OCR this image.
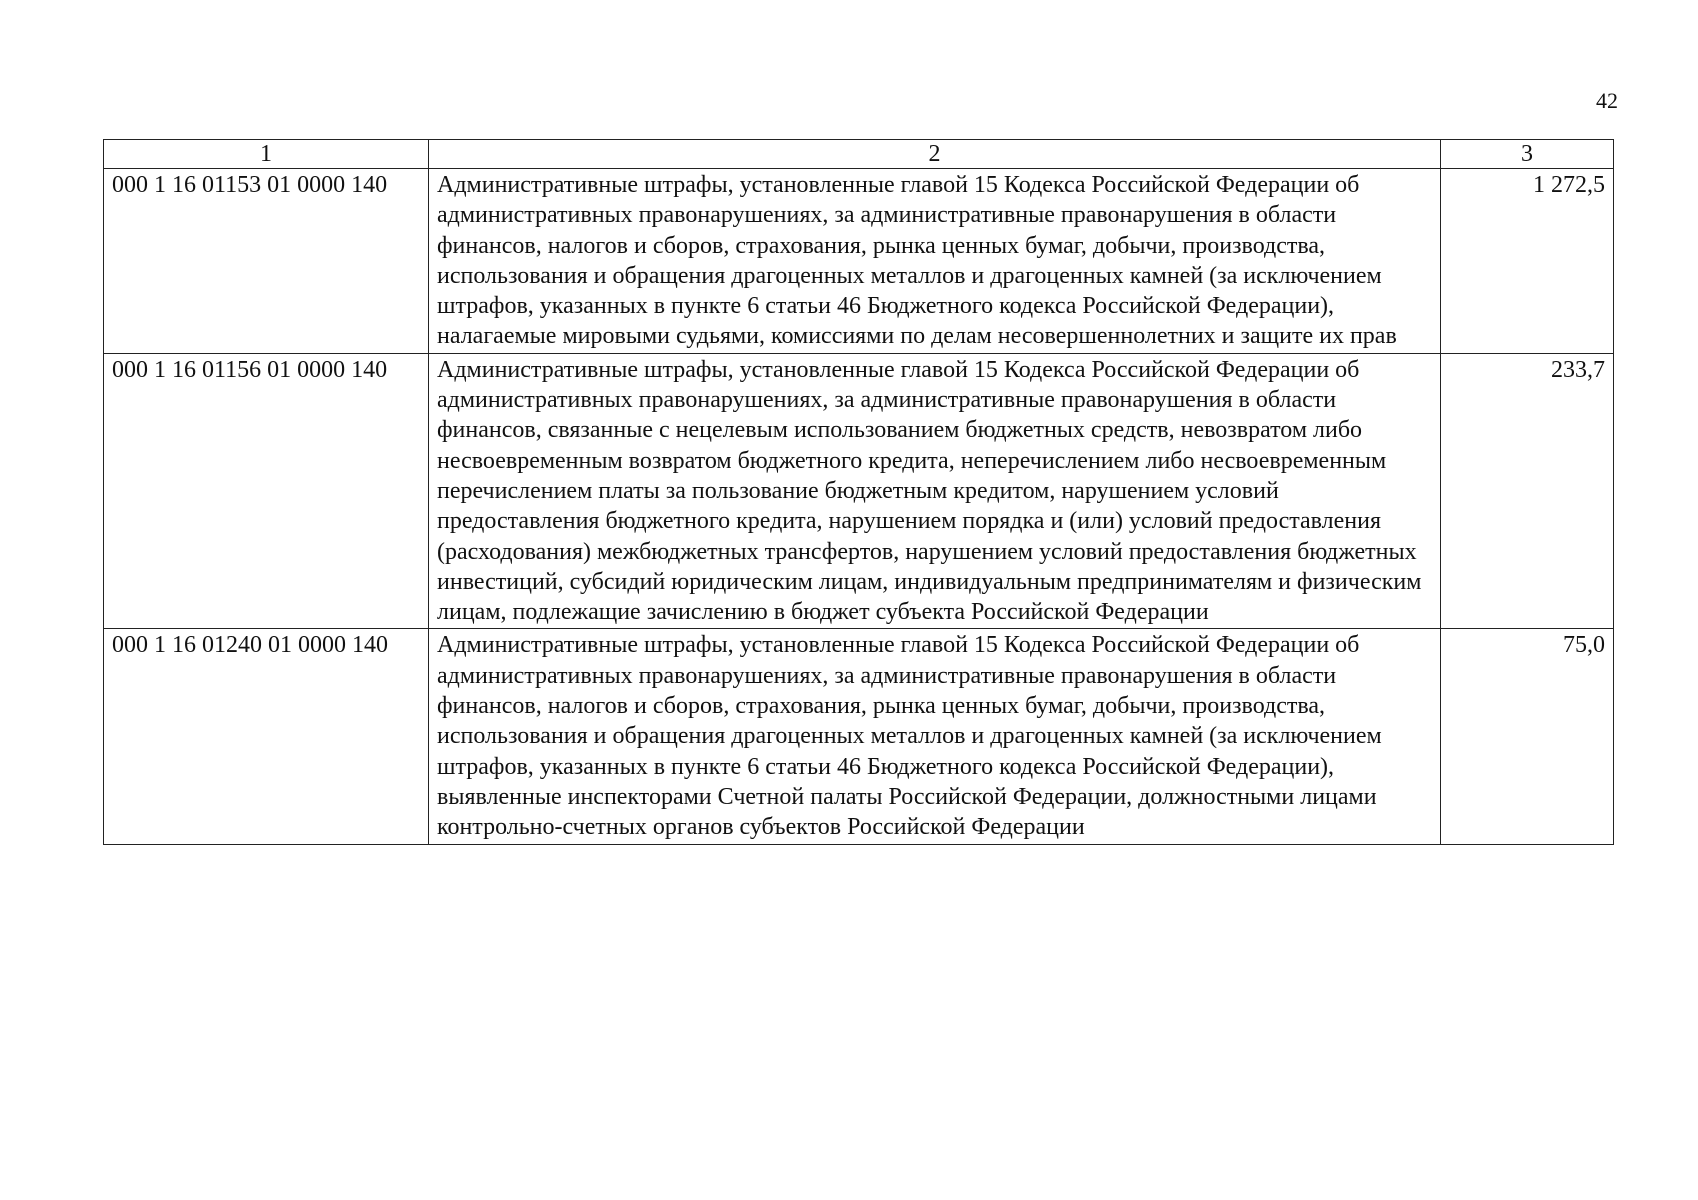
42
1	2	3
000 1 16 01153 01 0000 140	Административные штрафы, установленные главой 15 Кодекса Российской Федерации об административных правонарушениях, за административные правонарушения в области финансов, налогов и сборов, страхования, рынка ценных бумаг, добычи, производства, использования и обращения драгоценных металлов и драгоценных камней (за исключением штрафов, указанных в пункте 6 статьи 46 Бюджетного кодекса Российской Федерации), налагаемые мировыми судьями, комиссиями по делам несовершеннолетних и защите их прав	1 272,5
000 1 16 01156 01 0000 140	Административные штрафы, установленные главой 15 Кодекса Российской Федерации об административных правонарушениях, за административные правонарушения в области финансов, связанные с нецелевым использованием бюджетных средств, невозвратом либо несвоевременным возвратом бюджетного кредита, неперечислением либо несвоевременным перечислением платы за пользование бюджетным кредитом, нарушением условий предоставления бюджетного кредита, нарушением порядка и (или) условий предоставления (расходования) межбюджетных трансфертов, нарушением условий предоставления бюджетных инвестиций, субсидий юридическим лицам, индивидуальным предпринимателям и физическим лицам, подлежащие зачислению в бюджет субъекта Российской Федерации	233,7
000 1 16 01240 01 0000 140	Административные штрафы, установленные главой 15 Кодекса Российской Федерации об административных правонарушениях, за административные правонарушения в области финансов, налогов и сборов, страхования, рынка ценных бумаг, добычи, производства, использования и обращения драгоценных металлов и драгоценных камней (за исключением штрафов, указанных в пункте 6 статьи 46 Бюджетного кодекса Российской Федерации), выявленные инспекторами Счетной палаты Российской Федерации, должностными лицами контрольно-счетных органов субъектов Российской Федерации	75,0
